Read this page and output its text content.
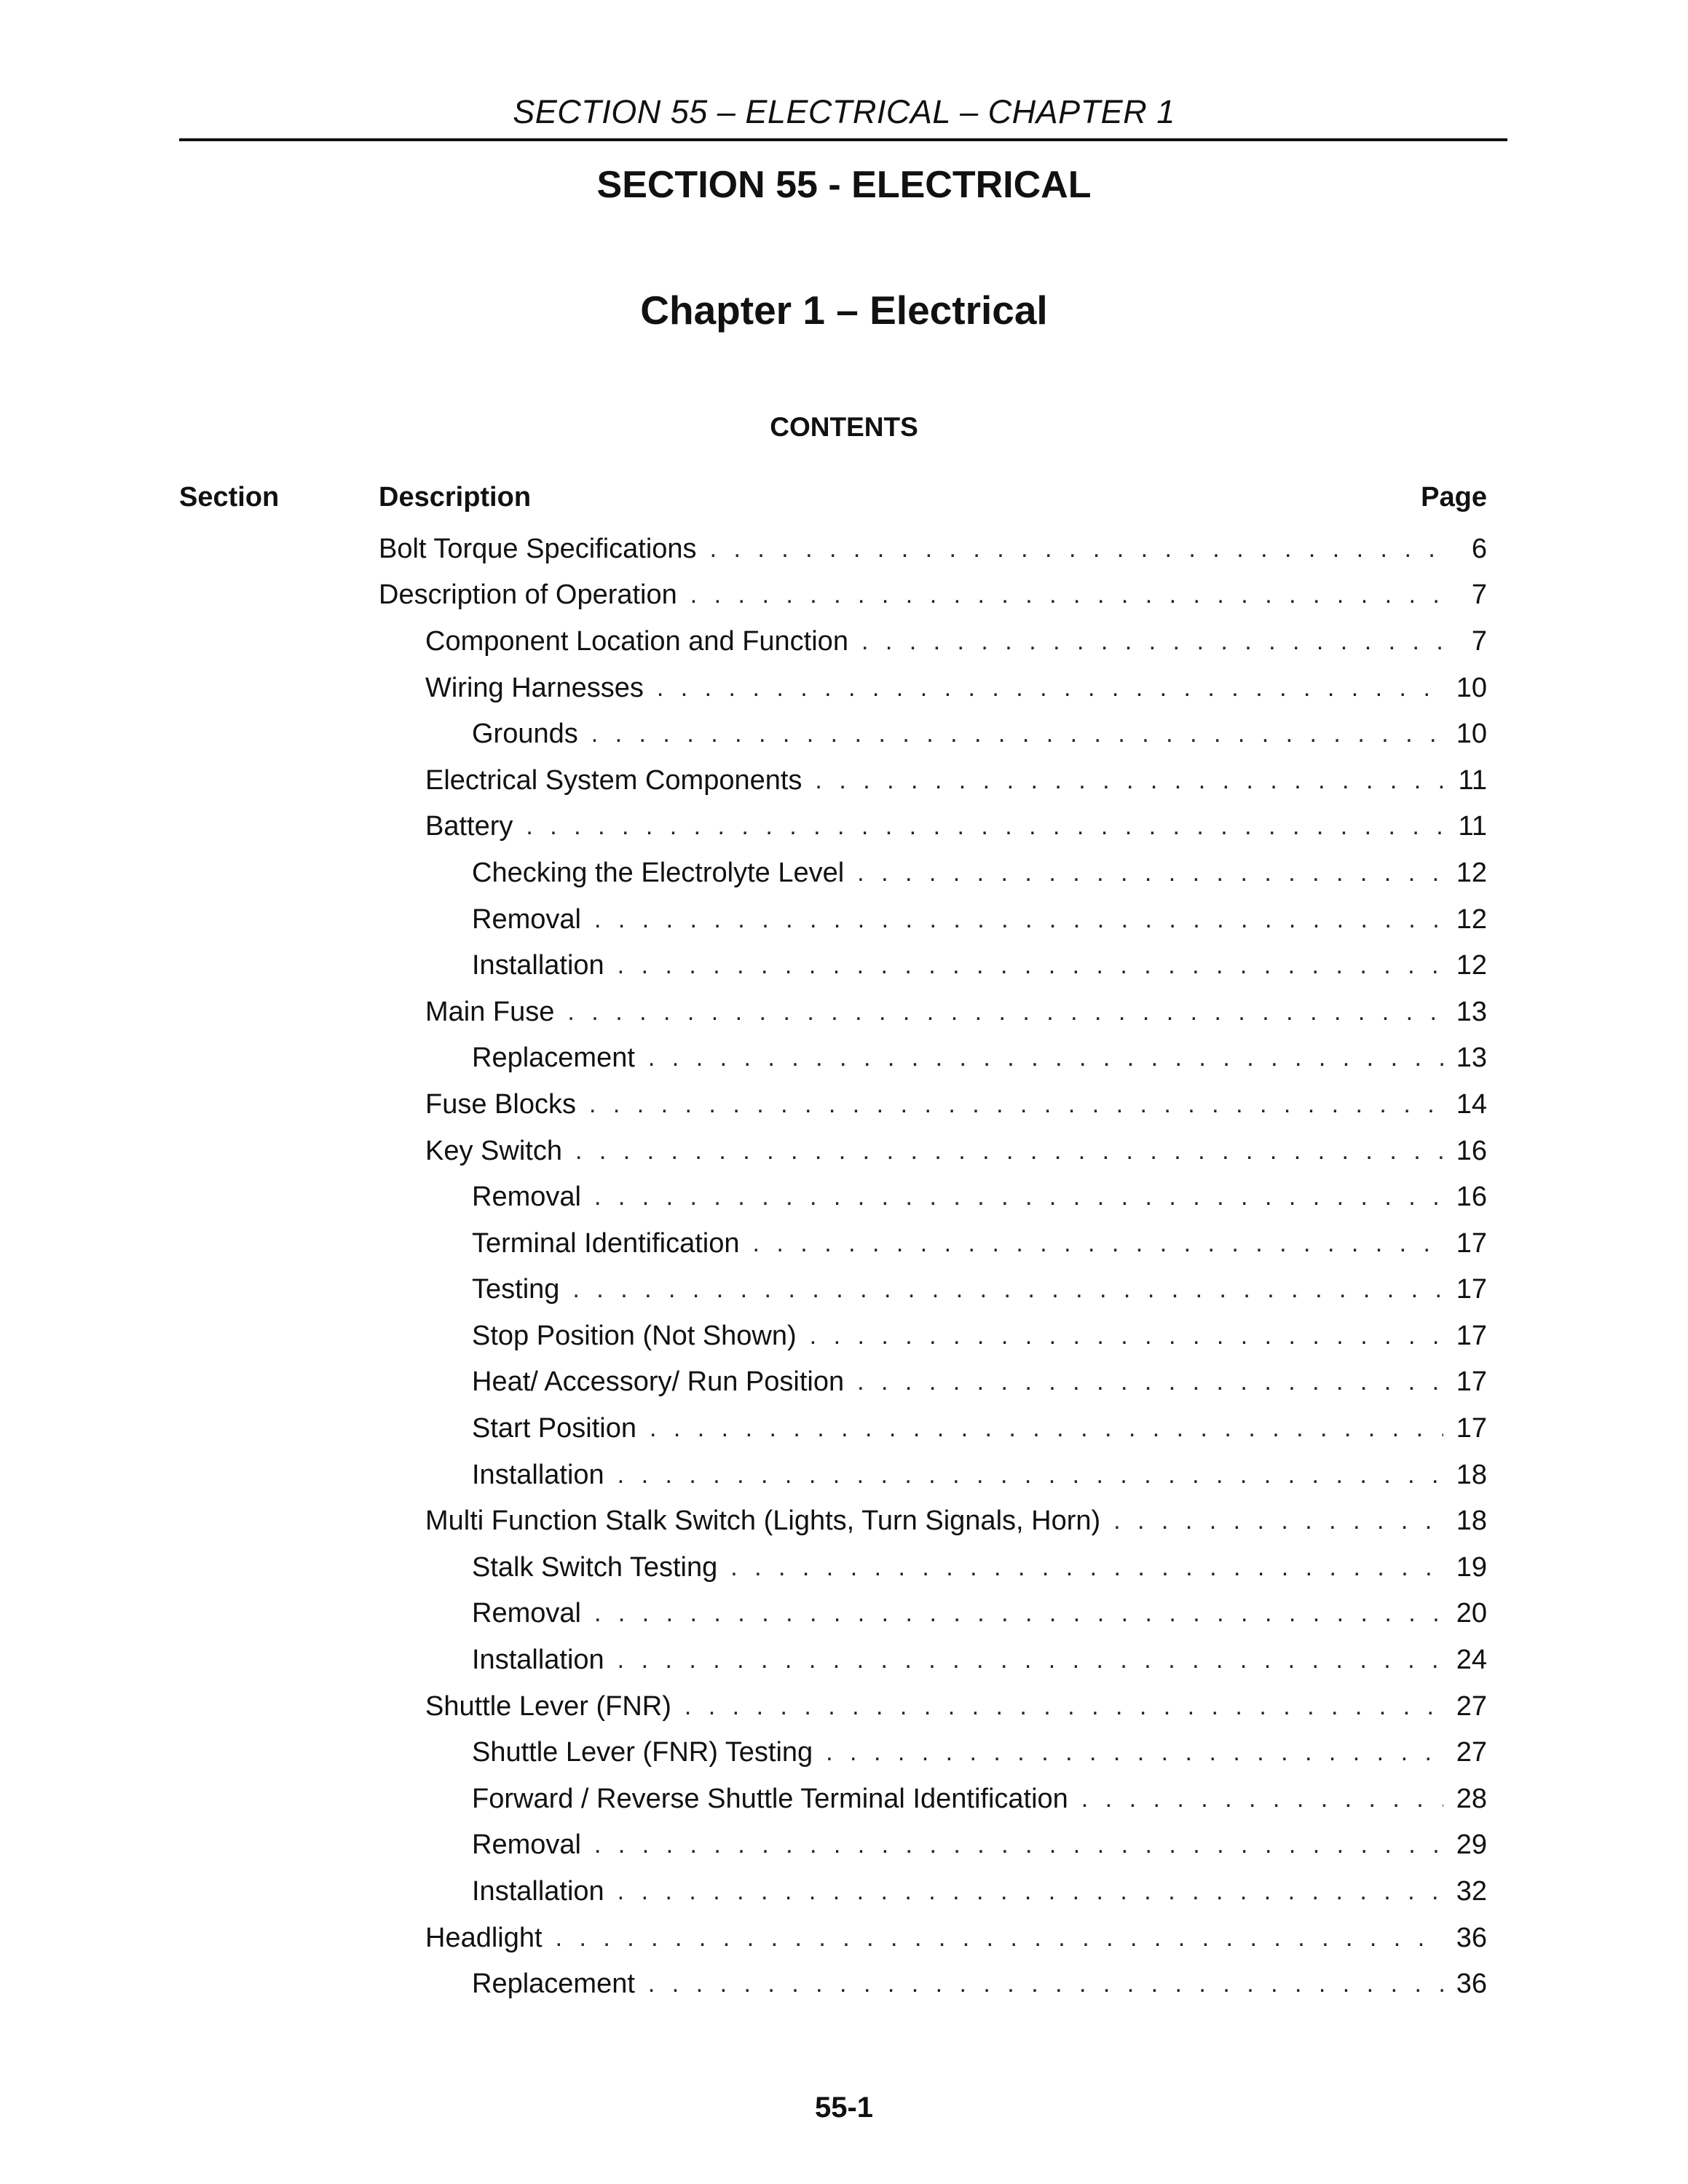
SECTION 55 – ELECTRICAL – CHAPTER 1
SECTION 55 - ELECTRICAL
Chapter 1 – Electrical
CONTENTS
Section	Description	Page
Bolt Torque Specifications . . .	6
Description of Operation . . .	7
Component Location and Function . . .	7
Wiring Harnesses . . .	10
Grounds . . .	10
Electrical System Components . . .	11
Battery . . .	11
Checking the Electrolyte Level . . .	12
Removal . . .	12
Installation . . .	12
Main Fuse . . .	13
Replacement . . .	13
Fuse Blocks . . .	14
Key Switch . . .	16
Removal . . .	16
Terminal Identification . . .	17
Testing . . .	17
Stop Position (Not Shown) . . .	17
Heat/ Accessory/ Run Position . . .	17
Start Position . . .	17
Installation . . .	18
Multi Function Stalk Switch (Lights, Turn Signals, Horn) . . .	18
Stalk Switch Testing . . .	19
Removal . . .	20
Installation . . .	24
Shuttle Lever (FNR) . . .	27
Shuttle Lever (FNR) Testing . . .	27
Forward / Reverse Shuttle Terminal Identification . . .	28
Removal . . .	29
Installation . . .	32
Headlight . . .	36
Replacement . . .	36
55-1
